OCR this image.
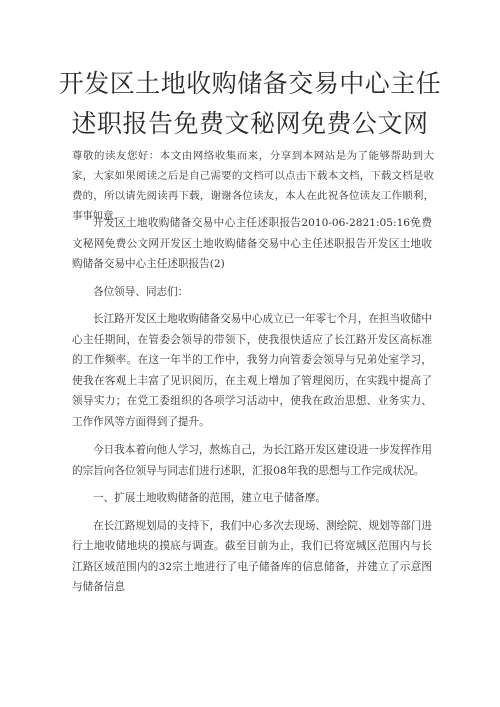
开发区土地收购储备交易中心主任
述职报告免费文秘网免费公文网

尊敬的读友您好：本文由网络收集而来，分享到本网站是为了能够帮助到大家，大家如果阅读之后是自己需要的文档可以点击下载本文档，下载文档是收费的，所以请先阅读再下载，谢谢各位读友，本人在此祝各位读友工作顺利，事事如意.

开发区土地收购储备交易中心主任述职报告2010-06-2821:05:16免费文秘网免费公文网开发区土地收购储备交易中心主任述职报告开发区土地收购储备交易中心主任述职报告(2)

各位领导、同志们：

长江路开发区土地收购储备交易中心成立已一年零七个月，在担当收储中心主任期间，在管委会领导的带领下，使我很快适应了长江路开发区高标准的工作频率。在这一年半的工作中，我努力向管委会领导与兄弟处室学习，使我在客观上丰富了见识阅历，在主观上增加了管理阅历，在实践中提高了领导实力；在党工委组织的各项学习活动中，使我在政治思想、业务实力、工作作风等方面得到了提升。

今日我本着向他人学习，熬炼自己，为长江路开发区建设进一步发挥作用的宗旨向各位领导与同志们进行述职，汇报08年我的思想与工作完成状况。

一、扩展土地收购储备的范围，建立电子储备摩。

在长江路规划局的支持下，我们中心多次去现场、测绘院、规划等部门进行土地收储地块的摸底与调查。截至目前为止，我们已将宽城区范围内与长江路区域范围内的32宗土地进行了电子储备库的信息储备，并建立了示意图与储备信息
